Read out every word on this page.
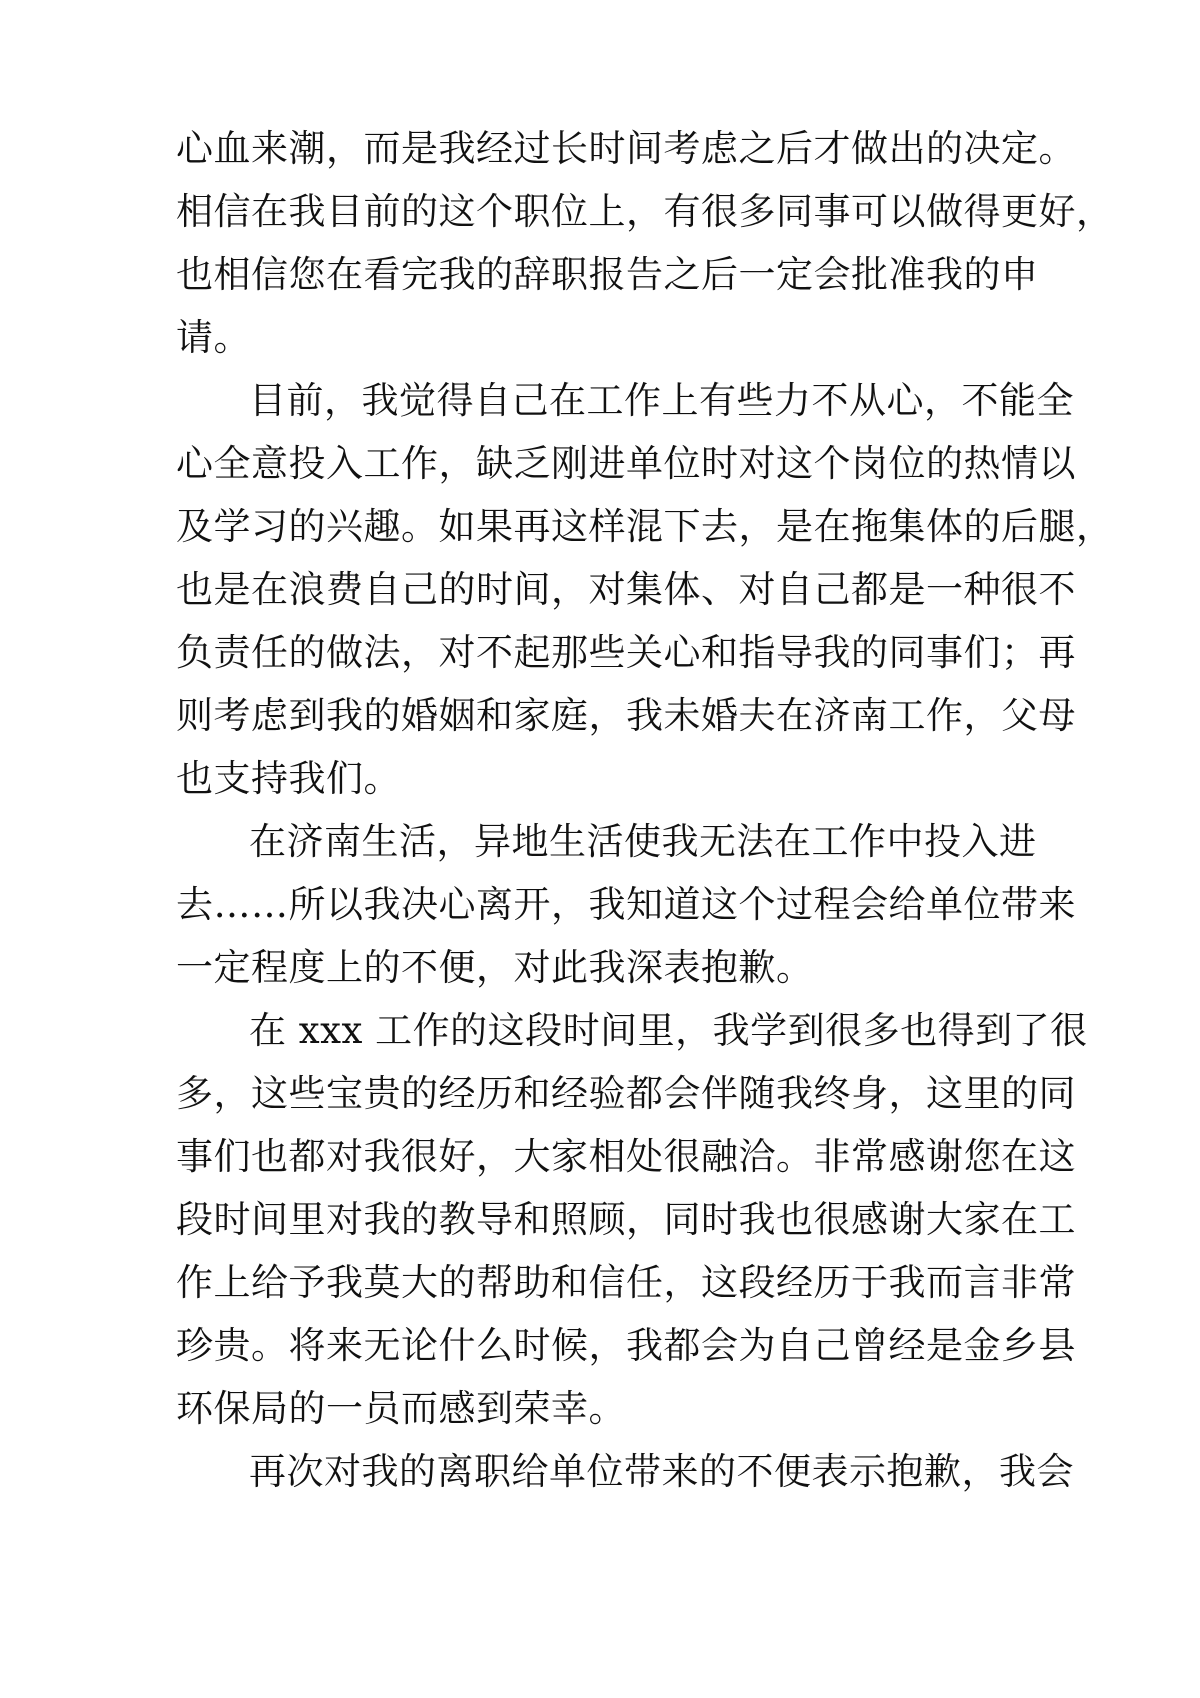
心血来潮，而是我经过长时间考虑之后才做出的决定。
相信在我目前的这个职位上，有很多同事可以做得更好，
也相信您在看完我的辞职报告之后一定会批准我的申
请。
目前，我觉得自己在工作上有些力不从心，不能全
心全意投入工作，缺乏刚进单位时对这个岗位的热情以
及学习的兴趣。如果再这样混下去，是在拖集体的后腿，
也是在浪费自己的时间，对集体、对自己都是一种很不
负责任的做法，对不起那些关心和指导我的同事们；再
则考虑到我的婚姻和家庭，我未婚夫在济南工作，父母
也支持我们。
在济南生活，异地生活使我无法在工作中投入进
去……所以我决心离开，我知道这个过程会给单位带来
一定程度上的不便，对此我深表抱歉。
在 xxx 工作的这段时间里，我学到很多也得到了很
多，这些宝贵的经历和经验都会伴随我终身，这里的同
事们也都对我很好，大家相处很融洽。非常感谢您在这
段时间里对我的教导和照顾，同时我也很感谢大家在工
作上给予我莫大的帮助和信任，这段经历于我而言非常
珍贵。将来无论什么时候，我都会为自己曾经是金乡县
环保局的一员而感到荣幸。
再次对我的离职给单位带来的不便表示抱歉，我会
